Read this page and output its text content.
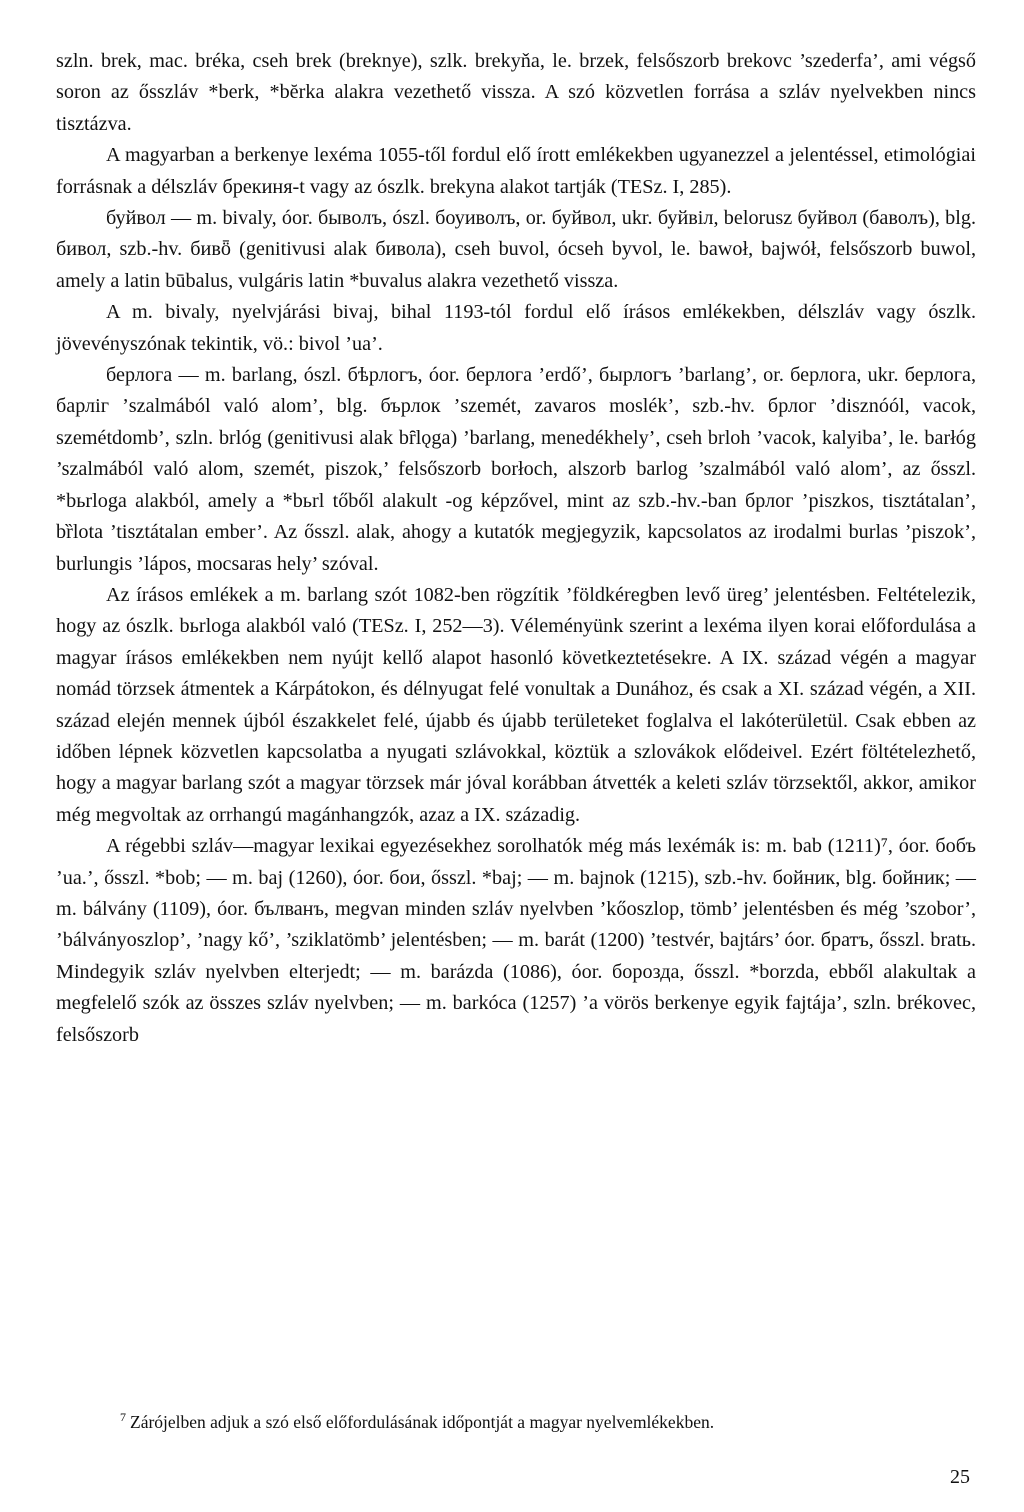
szln. brek, mac. bréka, cseh brek (breknye), szlk. brekyňa, le. brzek, felsőszorb brekovc ’szederfa’, ami végső soron az ősszláv *berk, *bĕrka alakra vezethető vissza. A szó közvetlen forrása a szláv nyelvekben nincs tisztázva.

A magyarban a berkenye lexéma 1055-től fordul elő írott emlékekben ugyanezzel a jelentéssel, etimológiai forrásnak a délszláv брекиня-t vagy az ószlk. brekyna alakot tartják (TESz. I, 285).

буйвол — m. bivaly, óor. бывoлъ, ószl. боуиволъ, or. буйвол, ukr. буйвiл, belorusz буйвол (баволъ), blg. бивол, szb.-hv. бивȫ (genitivusi alak бивола), cseh buvol, ócseh byvol, le. bawoł, bajwół, felsőszorb buwol, amely a latin būbalus, vulgáris latin *buvalus alakra vezethető vissza.

A m. bivaly, nyelvjárási bivaj, bihal 1193-tól fordul elő írásos emlékekben, délszláv vagy ószlk. jövevényszónak tekintik, vö.: bivol ’ua’.

берлога — m. barlang, ószl. бѣрлогъ, óor. берлога ’erdő’, бырлогъ ’barlang’, or. берлога, ukr. берлога, барліг ’szalmából való alom’, blg. бърлок ’szemét, zavaros moslék’, szb.-hv. брлог ’disznóól, vacok, szemétdomb’, szln. brlóg (genitivusi alak bȓlǫga) ’barlang, menedékhely’, cseh brloh ’vacok, kalyiba’, le. barłóg ’szalmából való alom, szemét, piszok,’ felsőszorb borłoch, alszorb barlog ’szalmából való alom’, az ősszl. *bьrloga alakból, amely a *bьrl tőből alakult -og képzővel, mint az szb.-hv.-ban брлог ’piszkos, tisztátalan’, bȑlota ’tisztátalan ember’. Az ősszl. alak, ahogy a kutatók megjegyzik, kapcsolatos az irodalmi burlas ’piszok’, burlungis ’lápos, mocsaras hely’ szóval.

Az írásos emlékek a m. barlang szót 1082-ben rögzítik ’földkéregben levő üreg’ jelentésben. Feltételezik, hogy az ószlk. bьrloga alakból való (TESz. I, 252—3). Véleményünk szerint a lexéma ilyen korai előfordulása a magyar írásos emlékekben nem nyújt kellő alapot hasonló következtetésekre. A IX. század végén a magyar nomád törzsek átmentek a Kárpátokon, és délnyugat felé vonultak a Dunához, és csak a XI. század végén, a XII. század elején mennek újból északkelet felé, újabb és újabb területeket foglalva el lakóterületül. Csak ebben az időben lépnek közvetlen kapcsolatba a nyugati szlávokkal, köztük a szlovákok elődeivel. Ezért föltételezhető, hogy a magyar barlang szót a magyar törzsek már jóval korábban átvették a keleti szláv törzsektől, akkor, amikor még megvoltak az orrhangú magánhangzók, azaz a IX. századig.

A régebbi szláv—magyar lexikai egyezésekhez sorolhatók még más lexémák is: m. bab (1211)⁷, óor. бобъ ’ua.’, ősszl. *bob; — m. baj (1260), óor. бои, ősszl. *baj; — m. bajnok (1215), szb.-hv. бойник, blg. бойник; — m. bálvány (1109), óor. бълванъ, megvan minden szláv nyelvben ’kőoszlop, tömb’ jelentésben és még ’szobor’, ’bálványoszlop’, ’nagy kő’, ’sziklatömb’ jelentésben; — m. barát (1200) ’testvér, bajtárs’ óor. братъ, ősszl. bratь. Mindegyik szláv nyelvben elterjedt; — m. barázda (1086), óor. борозда, ősszl. *borzda, ebből alakultak a megfelelő szók az összes szláv nyelvben; — m. barkóca (1257) ’a vörös berkenye egyik fajtája’, szln. brékovec, felsőszorb

$^7$ Zárójelben adjuk a szó első előfordulásának időpontját a magyar nyelvemlékekben.
25
